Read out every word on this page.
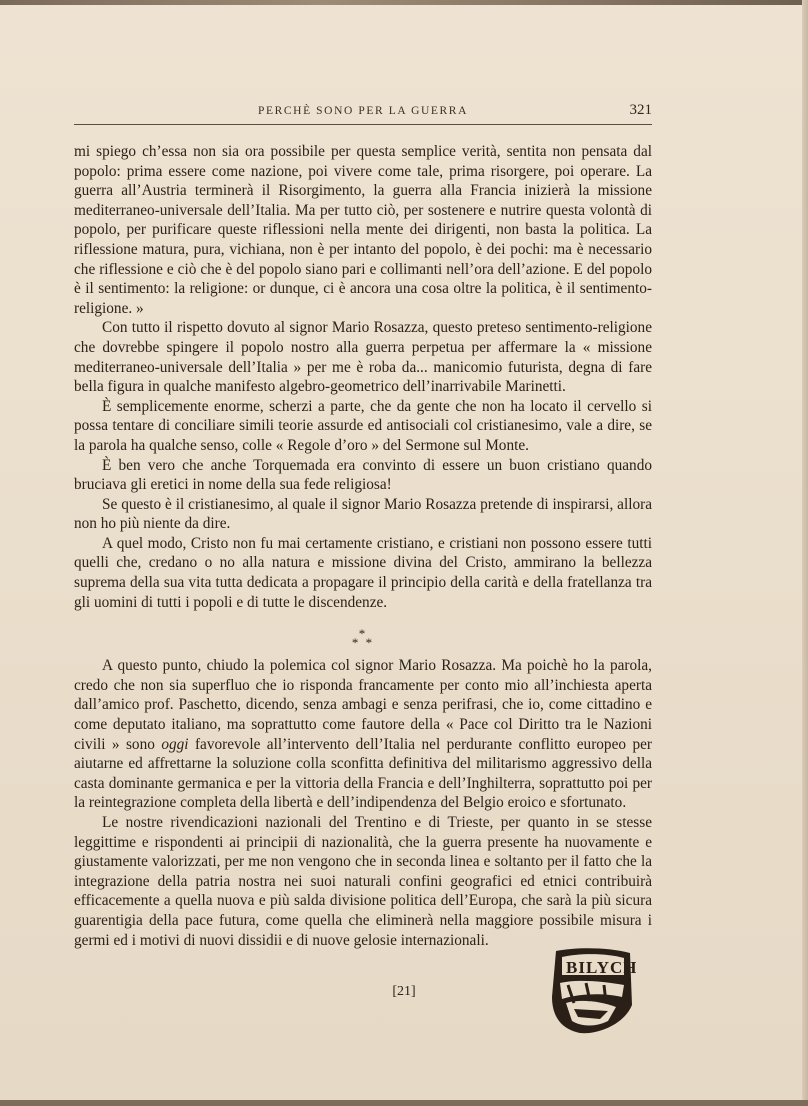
PERCHÈ SONO PER LA GUERRA	321

mi spiego ch’essa non sia ora possibile per questa semplice verità, sentita non pensata dal popolo: prima essere come nazione, poi vivere come tale, prima risorgere, poi operare. La guerra all’Austria terminerà il Risorgimento, la guerra alla Francia inizierà la missione mediterraneo-universale dell’Italia. Ma per tutto ciò, per sostenere e nutrire questa volontà di popolo, per purificare queste riflessioni nella mente dei dirigenti, non basta la politica. La riflessione matura, pura, vichiana, non è per intanto del popolo, è dei pochi: ma è necessario che riflessione e ciò che è del popolo siano pari e collimanti nell’ora dell’azione. E del popolo è il sentimento: la religione: or dunque, ci è ancora una cosa oltre la politica, è il sentimento-religione. »

Con tutto il rispetto dovuto al signor Mario Rosazza, questo preteso sentimento-religione che dovrebbe spingere il popolo nostro alla guerra perpetua per affermare la « missione mediterraneo-universale dell’Italia » per me è roba da... manicomio futurista, degna di fare bella figura in qualche manifesto algebro-geometrico dell’inarrivabile Marinetti.

È semplicemente enorme, scherzi a parte, che da gente che non ha locato il cervello si possa tentare di conciliare simili teorie assurde ed antisociali col cristianesimo, vale a dire, se la parola ha qualche senso, colle « Regole d’oro » del Sermone sul Monte.

È ben vero che anche Torquemada era convinto di essere un buon cristiano quando bruciava gli eretici in nome della sua fede religiosa!

Se questo è il cristianesimo, al quale il signor Mario Rosazza pretende di inspirarsi, allora non ho più niente da dire.

A quel modo, Cristo non fu mai certamente cristiano, e cristiani non possono essere tutti quelli che, credano o no alla natura e missione divina del Cristo, ammirano la bellezza suprema della sua vita tutta dedicata a propagare il principio della carità e della fratellanza tra gli uomini di tutti i popoli e di tutte le discendenze.

*
* *

A questo punto, chiudo la polemica col signor Mario Rosazza. Ma poichè ho la parola, credo che non sia superfluo che io risponda francamente per conto mio all’inchiesta aperta dall’amico prof. Paschetto, dicendo, senza ambagi e senza perifrasi, che io, come cittadino e come deputato italiano, ma soprattutto come fautore della « Pace col Diritto tra le Nazioni civili » sono oggi favorevole all’intervento dell’Italia nel perdurante conflitto europeo per aiutarne ed affrettarne la soluzione colla sconfitta definitiva del militarismo aggressivo della casta dominante germanica e per la vittoria della Francia e dell’Inghilterra, soprattutto poi per la reintegrazione completa della libertà e dell’indipendenza del Belgio eroico e sfortunato.

Le nostre rivendicazioni nazionali del Trentino e di Trieste, per quanto in se stesse leggittime e rispondenti ai principii di nazionalità, che la guerra presente ha nuovamente e giustamente valorizzati, per me non vengono che in seconda linea e soltanto per il fatto che la integrazione della patria nostra nei suoi naturali confini geografici ed etnici contribuirà efficacemente a quella nuova e più salda divisione politica dell’Europa, che sarà la più sicura guarentigia della pace futura, come quella che eliminerà nella maggiore possibile misura i germi ed i motivi di nuovi dissidii e di nuove gelosie internazionali.

[21]
BILYCH
